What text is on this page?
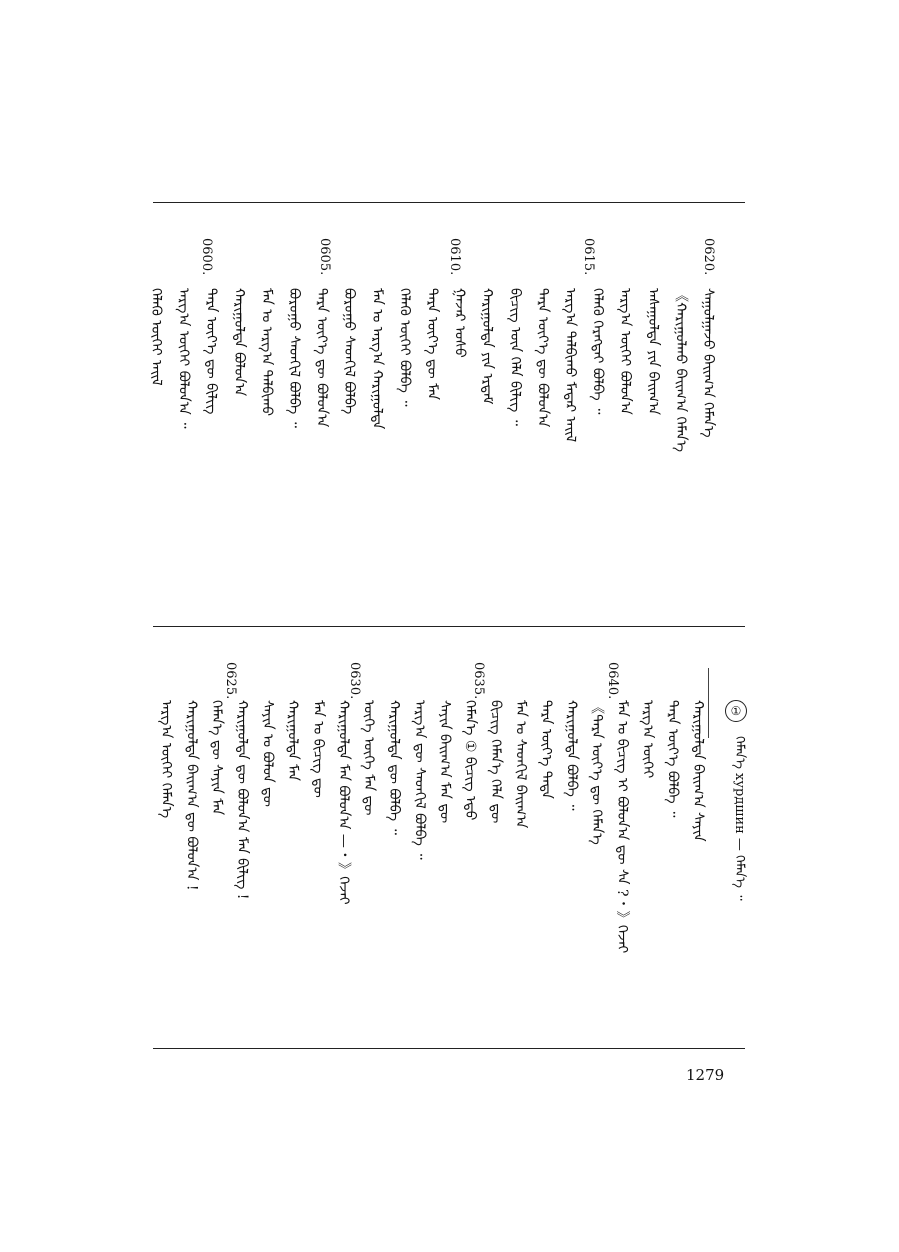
ᠰᠠᠭᠤᠯᠭᠠᠵᠤ ᠪᠠᠢᠭ᠎ᠠ ᠬᠡᠮᠡᠨ᠎ᠡ
《ᠬᠠᠷᠢᠭᠤᠯᠬᠤ ᠪᠠᠢᠭ᠎ᠠ ᠬᠡᠮᠡᠨ᠎ᠡ
ᠠᠰᠠᠭᠤᠯᠲᠠ ᠶᠢᠨ ᠪᠠᠢᠭ᠎ᠠ
ᠠᠷᠭ᠎ᠠ ᠦᠭᠡᠢ ᠪᠣᠯᠤᠨ᠎ᠠ
ᠬᠡᠯᠡᠬᠦ ᠬᠡᠷᠡᠭᠲᠡᠢ ᠪᠣᠯᠪᠠ ᠃
ᠠᠷᠭ᠎ᠠ ᠲᠠᠯᠪᠢᠬᠤ ᠮᠠᠲᠠᠷ ᠠᠢᠯ
ᠲᠡᠷᠡ ᠦᠶ᠎ᠡ ᠳᠦ ᠪᠣᠯᠤᠨ᠎ᠠ
ᠪᠢᠴᠢᠭ ᠦᠨ ᠬᠡᠯᠡ ᠪᠢᠯᠢᠭ ᠃
ᠬᠠᠷᠢᠭᠤᠯᠲᠠ ᠶᠢᠨ ᠡᠷᠳᠡᠮ
ᠭᠠᠵᠠᠷ ᠤᠰᠤ
ᠲᠡᠷᠡ ᠦᠶ᠎ᠡ ᠳᠦ ᠮᠠᠨ
ᠬᠡᠯᠡᠬᠦ ᠦᠭᠡᠢ ᠪᠣᠯᠪᠠ ᠃
ᠮᠠᠨ ᠤ ᠠᠷᠭ᠎ᠠ ᠬᠠᠷᠢᠭᠤᠯᠲᠠ
ᠪᠤᠷᠤᠭᠤ ᠰᠡᠳᠬᠢᠯ ᠪᠣᠯᠪᠠ
ᠲᠡᠷᠡ ᠦᠶ᠎ᠡ ᠳᠦ ᠪᠣᠯᠤᠨ᠎ᠠ
ᠪᠤᠷᠤᠭᠤ ᠰᠡᠳᠬᠢᠯ ᠪᠣᠯᠪᠠ ᠃
ᠮᠠᠨ ᠤ ᠠᠷᠭ᠎ᠠ ᠲᠠᠯᠪᠢᠬᠤ
ᠬᠠᠷᠢᠭᠤᠯᠲᠠ ᠪᠣᠯᠤᠨ᠎ᠠ
ᠲᠡᠷᠡ ᠦᠶ᠎ᠡ ᠳᠦ ᠪᠢᠯᠢᠭ
ᠠᠷᠭ᠎ᠠ ᠦᠭᠡᠢ ᠪᠣᠯᠤᠨ᠎ᠠ ᠃
ᠬᠡᠯᠡᠬᠦ ᠦᠭᠡᠢ ᠠᠢᠯ
0620.
0615.
0610.
0605.
0600.
ᠬᠠᠷᠢᠭᠤᠯᠲᠠ ᠪᠠᠢᠭ᠎ᠠ ᠰᠠᠶᠢᠨ
ᠲᠡᠷᠡ ᠦᠶ᠎ᠡ ᠪᠣᠯᠪᠠ ᠃
ᠠᠷᠭ᠎ᠠ ᠦᠭᠡᠢ
ᠮᠠᠨ ᠤ ᠪᠢᠴᠢᠭ ᠢ ᠪᠣᠯᠤᠨ᠎ᠠ ᠳᠦ ᠰᠡ ?・》ᠭᠡᠵᠡᠢ
《ᠲᠡᠷᠡ ᠦᠶ᠎ᠡ ᠳᠦ ᠬᠡᠮᠡᠨ᠎ᠡ
ᠬᠠᠷᠢᠭᠤᠯᠲᠠ ᠪᠣᠯᠪᠠ ᠃
ᠲᠡᠷᠡ ᠦᠶ᠎ᠡ ᠲᠡᠳᠡ
ᠮᠠᠨ ᠤ ᠰᠡᠳᠬᠢᠯ ᠪᠠᠢᠭ᠎ᠠ
ᠪᠢᠴᠢᠭ ᠬᠡᠮᠡᠨ᠎ᠡ ᠬᠡᠯᠡ ᠳᠦ
ᠬᠡᠮᠡᠨ᠎ᠡ ① ᠪᠢᠴᠢᠭ ᠡᠳᠦ
ᠰᠠᠶᠢᠨ ᠪᠠᠢᠭ᠎ᠠ ᠮᠠᠨ ᠳᠦ
ᠠᠷᠭ᠎ᠠ ᠳᠦ ᠰᠡᠳᠬᠢᠯ ᠪᠣᠯᠪᠠ ᠃
ᠬᠠᠷᠢᠭᠤᠯᠲᠠ ᠳᠦ ᠪᠣᠯᠪᠠ ᠃
ᠦᠭᠡ ᠦᠭᠡ ᠮᠠᠨ ᠳᠦ
ᠬᠠᠷᠢᠭᠤᠯᠲᠠ ᠮᠠᠨ ᠪᠣᠯᠤᠨ᠎ᠠ —・》ᠭᠡᠵᠡᠢ
ᠮᠠᠨ ᠤ ᠪᠢᠴᠢᠭ ᠳᠦ
ᠬᠠᠷᠢᠭᠤᠯᠲᠠ ᠮᠠᠨ
ᠰᠠᠶᠢᠨ ᠤ ᠪᠣᠯᠤᠨ ᠳᠦ
ᠬᠠᠷᠢᠭᠤᠯᠲᠠ ᠳᠦ ᠪᠣᠯᠤᠨ᠎ᠠ ᠮᠠᠨ ᠪᠢᠯᠢᠭ !
ᠬᠡᠮᠡᠨ᠎ᠡ ᠳᠦ ᠰᠠᠶᠢᠨ ᠮᠠᠨ
ᠬᠠᠷᠢᠭᠤᠯᠲᠠ ᠪᠠᠢᠭ᠎ᠠ ᠳᠦ ᠪᠣᠯᠤᠨ᠎ᠠ !
ᠠᠷᠭ᠎ᠠ ᠦᠭᠡᠢ ᠬᠡᠮᠡᠨ᠎ᠡ
0640.
0635.
0630.
0625.
①
ᠬᠡᠮᠡᠨ᠎ᠡ хурдшин — ᠬᠡᠮᠡᠨ᠎ᠡ ᠃
1279
